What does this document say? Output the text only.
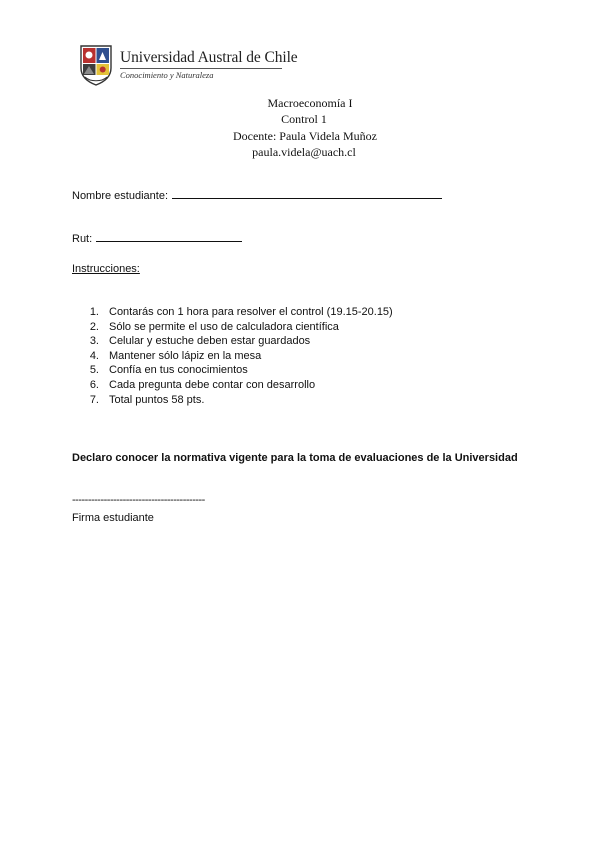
Universidad Austral de Chile
Conocimiento y Naturaleza
Macroeconomía I
Control 1
Docente: Paula Videla Muñoz
paula.videla@uach.cl
Nombre estudiante:
Rut:
Instrucciones:
1. Contarás con 1 hora para resolver el control (19.15-20.15)
2. Sólo se permite el uso de calculadora científica
3. Celular y estuche deben estar guardados
4. Mantener sólo lápiz en la mesa
5. Confía en tus conocimientos
6. Cada pregunta debe contar con desarrollo
7. Total puntos 58 pts.
Declaro conocer la normativa vigente para la toma de evaluaciones de la Universidad
------------------------------------------
Firma estudiante
